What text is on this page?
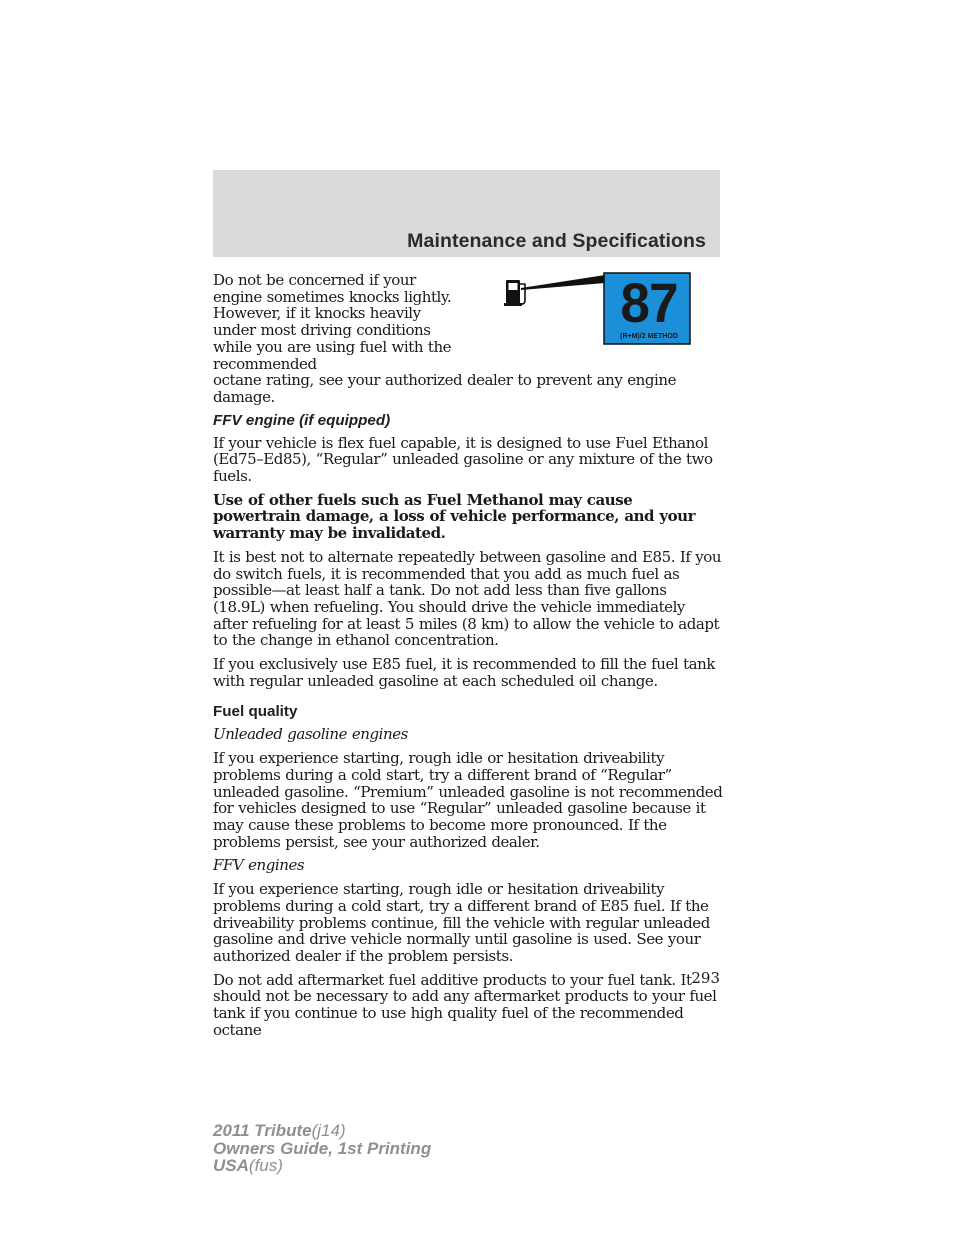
Maintenance and Specifications
87
(R+M)/2 METHOD

Do not be concerned if your engine sometimes knocks lightly. However, if it knocks heavily under most driving conditions while you are using fuel with the recommended

octane rating, see your authorized dealer to prevent any engine damage.

FFV engine (if equipped)

If your vehicle is flex fuel capable, it is designed to use Fuel Ethanol (Ed75–Ed85), “Regular” unleaded gasoline or any mixture of the two fuels.

Use of other fuels such as Fuel Methanol may cause powertrain damage, a loss of vehicle performance, and your warranty may be invalidated.

It is best not to alternate repeatedly between gasoline and E85. If you do switch fuels, it is recommended that you add as much fuel as possible—at least half a tank. Do not add less than five gallons (18.9L) when refueling. You should drive the vehicle immediately after refueling for at least 5 miles (8 km) to allow the vehicle to adapt to the change in ethanol concentration.

If you exclusively use E85 fuel, it is recommended to fill the fuel tank with regular unleaded gasoline at each scheduled oil change.

Fuel quality

Unleaded gasoline engines

If you experience starting, rough idle or hesitation driveability problems during a cold start, try a different brand of “Regular” unleaded gasoline. “Premium” unleaded gasoline is not recommended for vehicles designed to use “Regular” unleaded gasoline because it may cause these problems to become more pronounced. If the problems persist, see your authorized dealer.

FFV engines

If you experience starting, rough idle or hesitation driveability problems during a cold start, try a different brand of E85 fuel. If the driveability problems continue, fill the vehicle with regular unleaded gasoline and drive vehicle normally until gasoline is used. See your authorized dealer if the problem persists.

Do not add aftermarket fuel additive products to your fuel tank. It should not be necessary to add any aftermarket products to your fuel tank if you continue to use high quality fuel of the recommended octane

293
2011 Tribute(j14)
Owners Guide, 1st Printing
USA(fus)
